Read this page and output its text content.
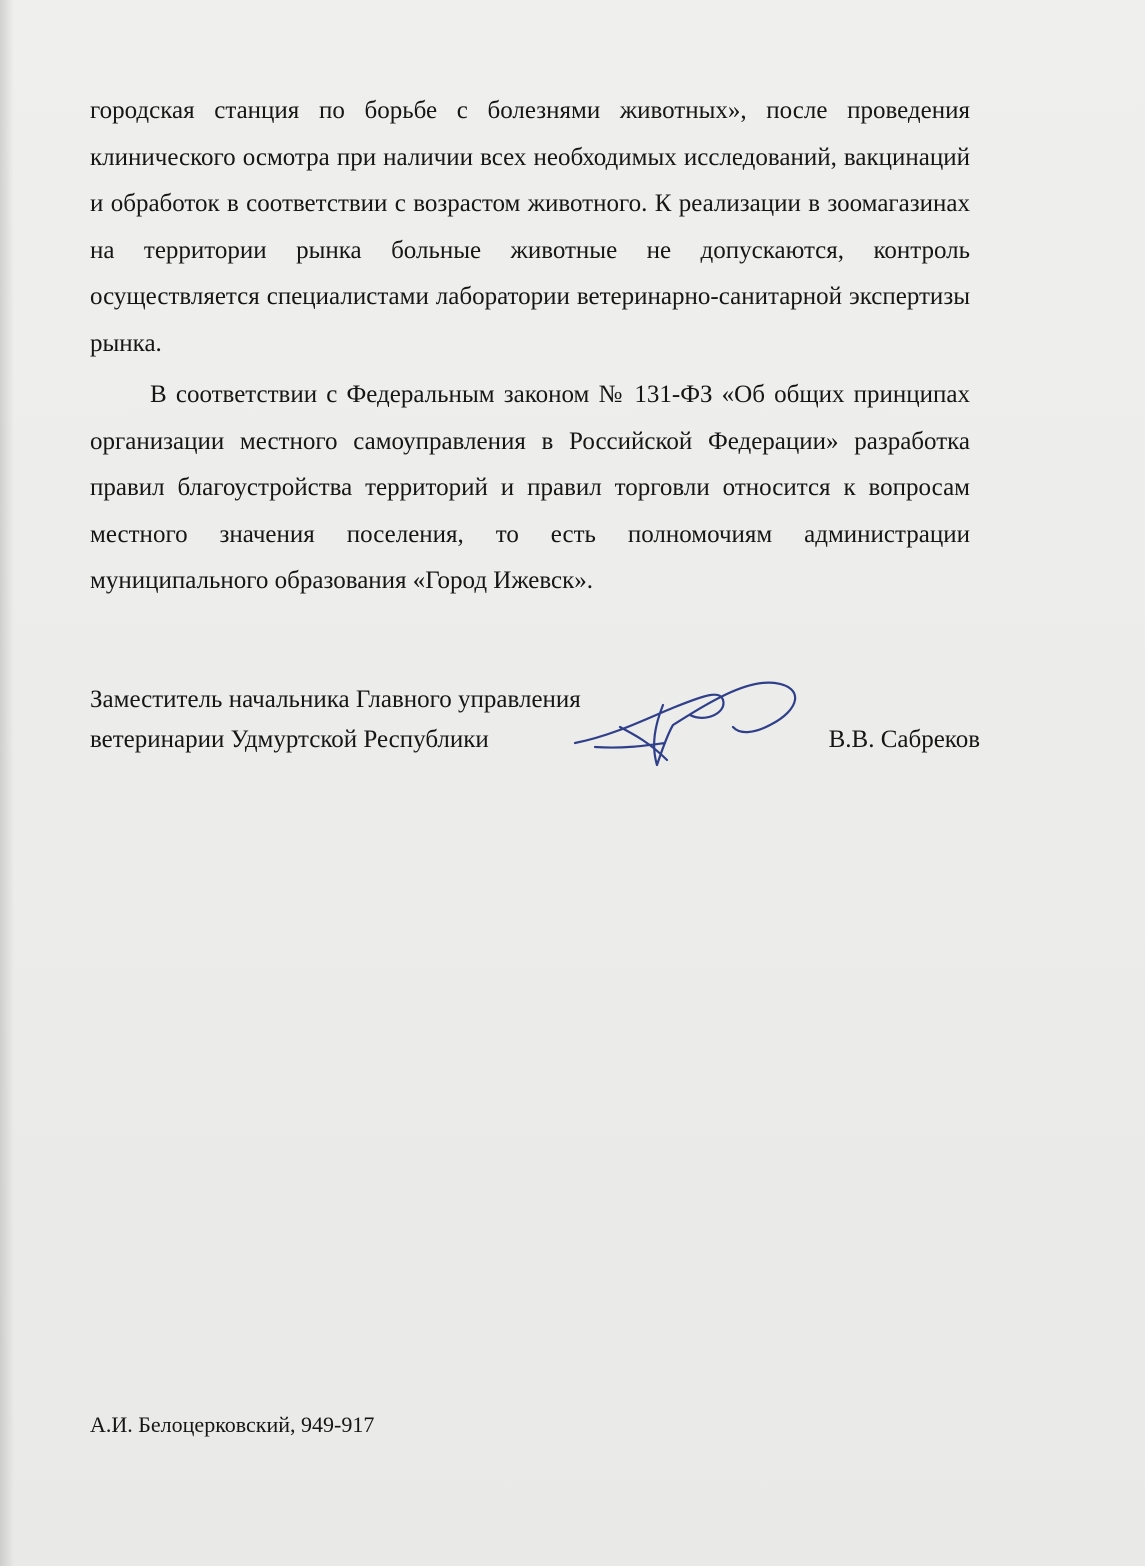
городская станция по борьбе с болезнями животных», после проведения клинического осмотра при наличии всех необходимых исследований, вакцинаций и обработок в соответствии с возрастом животного. К реализации в зоомагазинах на территории рынка больные животные не допускаются, контроль осуществляется специалистами лаборатории ветеринарно-санитарной экспертизы рынка.

В соответствии с Федеральным законом № 131-ФЗ «Об общих принципах организации местного самоуправления в Российской Федерации» разработка правил благоустройства территорий и правил торговли относится к вопросам местного значения поселения, то есть полномочиям администрации муниципального образования «Город Ижевск».

Заместитель начальника Главного управления
ветеринарии Удмуртской Республики	В.В. Сабреков
А.И. Белоцерковский, 949-917
